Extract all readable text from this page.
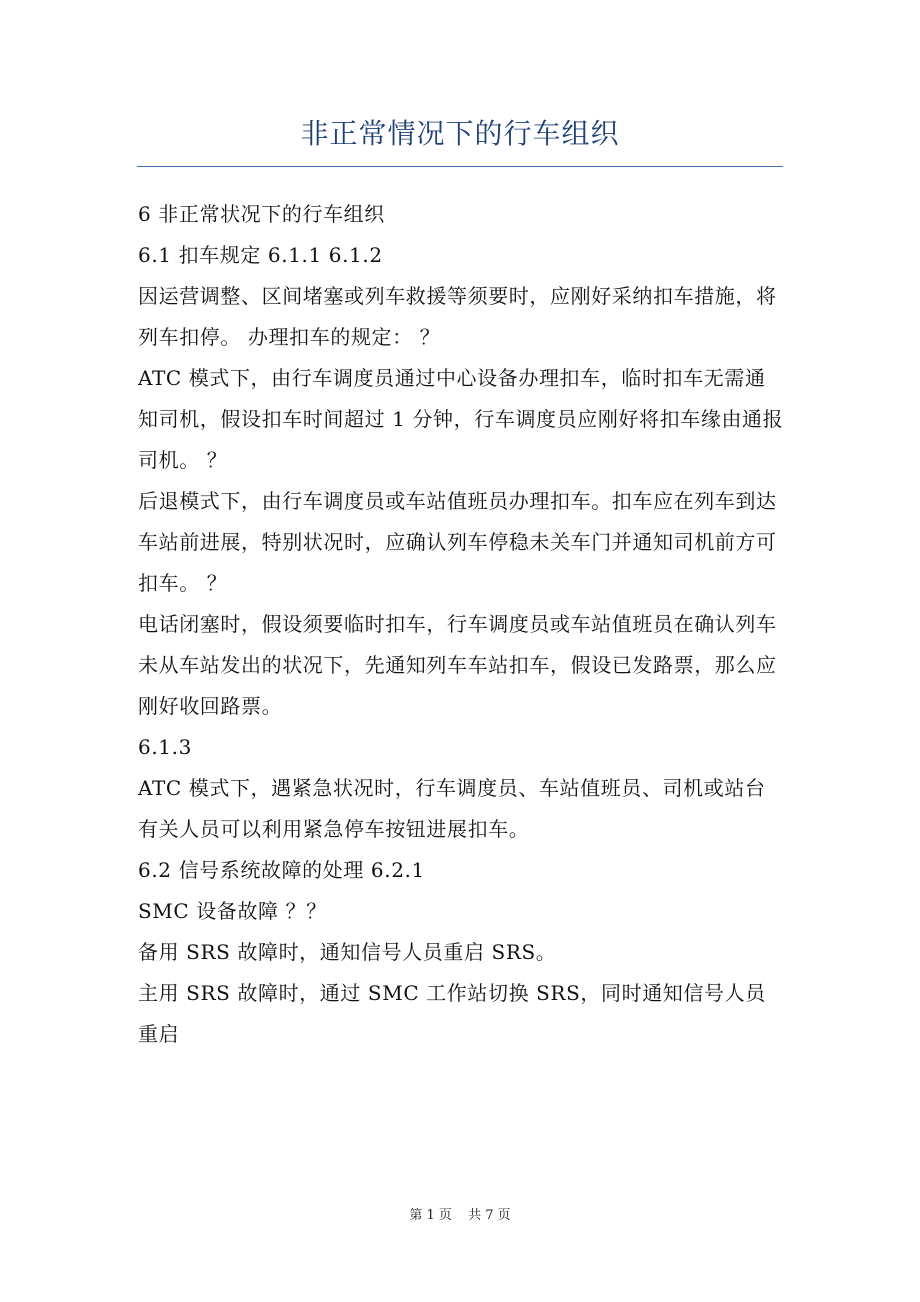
非正常情况下的行车组织

6 非正常状况下的行车组织

6.1 扣车规定 6.1.1 6.1.2

因运营调整、区间堵塞或列车救援等须要时，应刚好采纳扣车措施，将列车扣停。 办理扣车的规定： ？

ATC 模式下，由行车调度员通过中心设备办理扣车，临时扣车无需通知司机，假设扣车时间超过 1 分钟，行车调度员应刚好将扣车缘由通报司机。 ？

后退模式下，由行车调度员或车站值班员办理扣车。扣车应在列车到达车站前进展，特别状况时，应确认列车停稳未关车门并通知司机前方可扣车。 ？

电话闭塞时，假设须要临时扣车，行车调度员或车站值班员在确认列车未从车站发出的状况下，先通知列车车站扣车，假设已发路票，那么应刚好收回路票。

6.1.3

ATC 模式下，遇紧急状况时，行车调度员、车站值班员、司机或站台有关人员可以利用紧急停车按钮进展扣车。

6.2 信号系统故障的处理 6.2.1

SMC 设备故障 ？？

备用 SRS 故障时，通知信号人员重启 SRS。

主用 SRS 故障时，通过 SMC 工作站切换 SRS，同时通知信号人员重启

第 1 页 共 7 页
